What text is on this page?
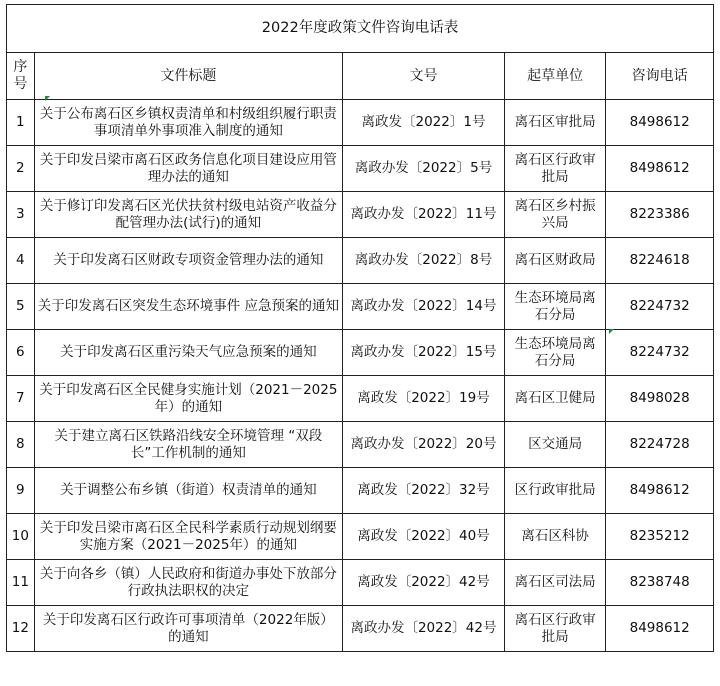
2022年度政策文件咨询电话表				
序号	文件标题	文号	起草单位	咨询电话
1	关于公布离石区乡镇权责清单和村级组织履行职责事项清单外事项准入制度的通知	离政发〔2022〕1号	离石区审批局	8498612
2	关于印发吕梁市离石区政务信息化项目建设应用管理办法的通知	离政办发〔2022〕5号	离石区行政审批局	8498612
3	关于修订印发离石区光伏扶贫村级电站资产收益分配管理办法(试行)的通知	离政办发〔2022〕11号	离石区乡村振兴局	8223386
4	关于印发离石区财政专项资金管理办法的通知	离政办发〔2022〕8号	离石区财政局	8224618
5	关于印发离石区突发生态环境事件 应急预案的通知	离政办发〔2022〕14号	生态环境局离石分局	8224732
6	关于印发离石区重污染天气应急预案的通知	离政办发〔2022〕15号	生态环境局离石分局	8224732
7	关于印发离石区全民健身实施计划（2021－2025年）的通知	离政发〔2022〕19号	离石区卫健局	8498028
8	关于建立离石区铁路沿线安全环境管理 “双段长”工作机制的通知	离政办发〔2022〕20号	区交通局	8224728
9	关于调整公布乡镇（街道）权责清单的通知	离政发〔2022〕32号	区行政审批局	8498612
10	关于印发吕梁市离石区全民科学素质行动规划纲要实施方案（2021－2025年）的通知	离政发〔2022〕40号	离石区科协	8235212
11	关于向各乡（镇）人民政府和街道办事处下放部分行政执法职权的决定	离政发〔2022〕42号	离石区司法局	8238748
12	关于印发离石区行政许可事项清单（2022年版）的通知	离政办发〔2022〕42号	离石区行政审批局	8498612
